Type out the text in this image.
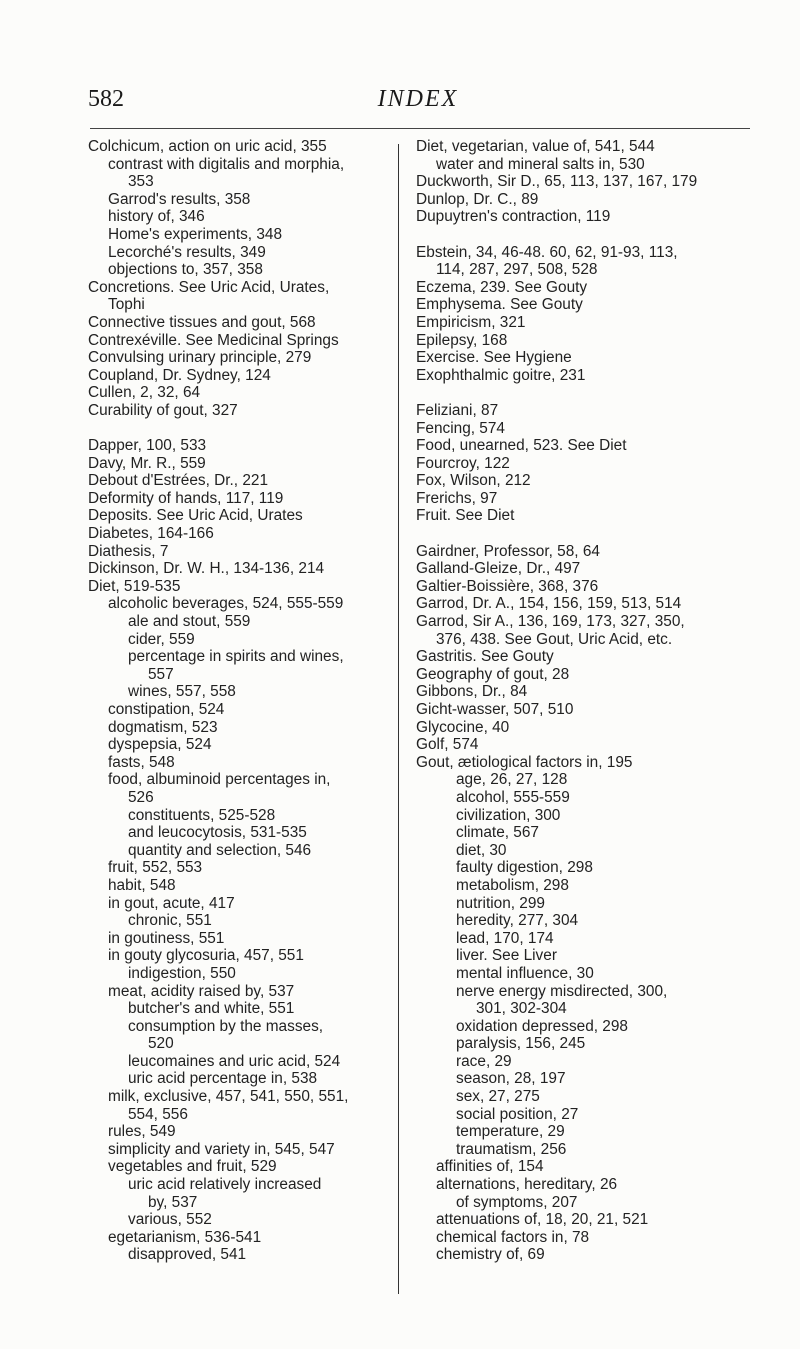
582	INDEX
Colchicum, action on uric acid, 355
contrast with digitalis and morphia,
353
Garrod's results, 358
history of, 346
Home's experiments, 348
Lecorché's results, 349
objections to, 357, 358
Concretions. See Uric Acid, Urates,
Tophi
Connective tissues and gout, 568
Contrexéville. See Medicinal Springs
Convulsing urinary principle, 279
Coupland, Dr. Sydney, 124
Cullen, 2, 32, 64
Curability of gout, 327
Dapper, 100, 533
Davy, Mr. R., 559
Debout d'Estrées, Dr., 221
Deformity of hands, 117, 119
Deposits. See Uric Acid, Urates
Diabetes, 164-166
Diathesis, 7
Dickinson, Dr. W. H., 134-136, 214
Diet, 519-535
alcoholic beverages, 524, 555-559
ale and stout, 559
cider, 559
percentage in spirits and wines,
557
wines, 557, 558
constipation, 524
dogmatism, 523
dyspepsia, 524
fasts, 548
food, albuminoid percentages in,
526
constituents, 525-528
and leucocytosis, 531-535
quantity and selection, 546
fruit, 552, 553
habit, 548
in gout, acute, 417
chronic, 551
in goutiness, 551
in gouty glycosuria, 457, 551
indigestion, 550
meat, acidity raised by, 537
butcher's and white, 551
consumption by the masses,
520
leucomaines and uric acid, 524
uric acid percentage in, 538
milk, exclusive, 457, 541, 550, 551,
554, 556
rules, 549
simplicity and variety in, 545, 547
vegetables and fruit, 529
uric acid relatively increased
by, 537
various, 552
egetarianism, 536-541
disapproved, 541
Diet, vegetarian, value of, 541, 544
water and mineral salts in, 530
Duckworth, Sir D., 65, 113, 137, 167, 179
Dunlop, Dr. C., 89
Dupuytren's contraction, 119
Ebstein, 34, 46-48. 60, 62, 91-93, 113,
114, 287, 297, 508, 528
Eczema, 239. See Gouty
Emphysema. See Gouty
Empiricism, 321
Epilepsy, 168
Exercise. See Hygiene
Exophthalmic goitre, 231
Feliziani, 87
Fencing, 574
Food, unearned, 523. See Diet
Fourcroy, 122
Fox, Wilson, 212
Frerichs, 97
Fruit. See Diet
Gairdner, Professor, 58, 64
Galland-Gleize, Dr., 497
Galtier-Boissière, 368, 376
Garrod, Dr. A., 154, 156, 159, 513, 514
Garrod, Sir A., 136, 169, 173, 327, 350,
376, 438. See Gout, Uric Acid, etc.
Gastritis. See Gouty
Geography of gout, 28
Gibbons, Dr., 84
Gicht-wasser, 507, 510
Glycocine, 40
Golf, 574
Gout, ætiological factors in, 195
age, 26, 27, 128
alcohol, 555-559
civilization, 300
climate, 567
diet, 30
faulty digestion, 298
metabolism, 298
nutrition, 299
heredity, 277, 304
lead, 170, 174
liver. See Liver
mental influence, 30
nerve energy misdirected, 300,
301, 302-304
oxidation depressed, 298
paralysis, 156, 245
race, 29
season, 28, 197
sex, 27, 275
social position, 27
temperature, 29
traumatism, 256
affinities of, 154
alternations, hereditary, 26
of symptoms, 207
attenuations of, 18, 20, 21, 521
chemical factors in, 78
chemistry of, 69
